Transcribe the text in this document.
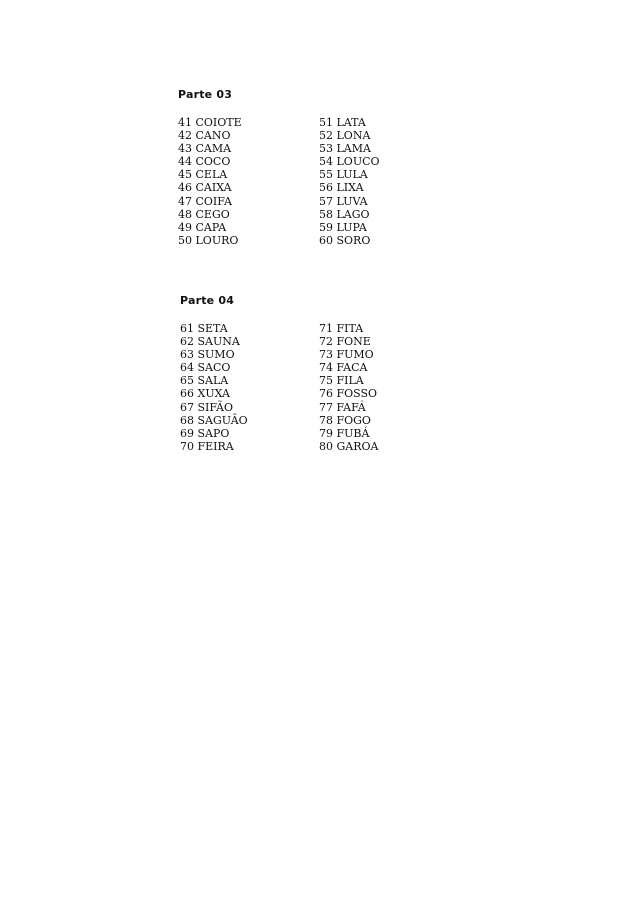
Parte 03
41 COIOTE
42 CANO
43 CAMA
44 COCO
45 CELA
46 CAIXA
47 COIFA
48 CEGO
49 CAPA
50 LOURO
51 LATA
52 LONA
53 LAMA
54 LOUCO
55 LULA
56 LIXA
57 LUVA
58 LAGO
59 LUPA
60 SORO
Parte 04
61 SETA
62 SAUNA
63 SUMO
64 SACO
65 SALA
66 XUXA
67 SIFÃO
68 SAGUÃO
69 SAPO
70 FEIRA
71 FITA
72 FONE
73 FUMO
74 FACA
75 FILA
76 FOSSO
77 FAFÁ
78 FOGO
79 FUBÁ
80 GAROA
